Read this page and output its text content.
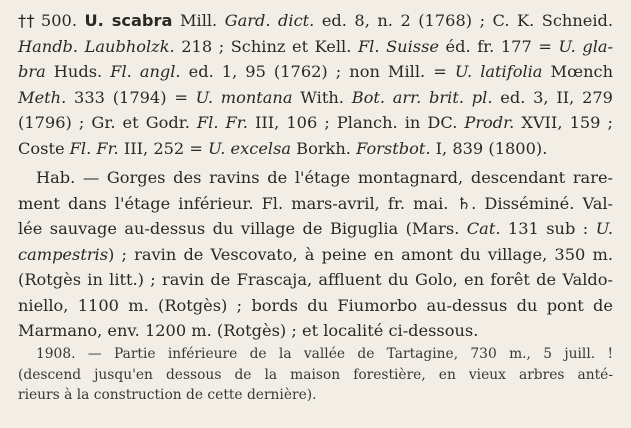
†† 500. U. scabra Mill. Gard. dict. ed. 8, n. 2 (1768) ; C. K. Schneid.
Handb. Laubholzk. 218 ; Schinz et Kell. Fl. Suisse éd. fr. 177 = U. gla-
bra Huds. Fl. angl. ed. 1, 95 (1762) ; non Mill. = U. latifolia Mœnch
Meth. 333 (1794) = U. montana With. Bot. arr. brit. pl. ed. 3, II, 279
(1796) ; Gr. et Godr. Fl. Fr. III, 106 ; Planch. in DC. Prodr. XVII, 159 ;
Coste Fl. Fr. III, 252 = U. excelsa Borkh. Forstbot. I, 839 (1800).
Hab. — Gorges des ravins de l'étage montagnard, descendant rare-
ment dans l'étage inférieur. Fl. mars-avril, fr. mai. ♄. Disséminé. Val-
lée sauvage au-dessus du village de Biguglia (Mars. Cat. 131 sub : U.
campestris) ; ravin de Vescovato, à peine en amont du village, 350 m.
(Rotgès in litt.) ; ravin de Frascaja, affluent du Golo, en forêt de Valdo-
niello, 1100 m. (Rotgès) ; bords du Fiumorbo au-dessus du pont de
Marmano, env. 1200 m. (Rotgès) ; et localité ci-dessous.
1908. — Partie inférieure de la vallée de Tartagine, 730 m., 5 juill. !
(descend jusqu'en dessous de la maison forestière, en vieux arbres anté-
rieurs à la construction de cette dernière).
